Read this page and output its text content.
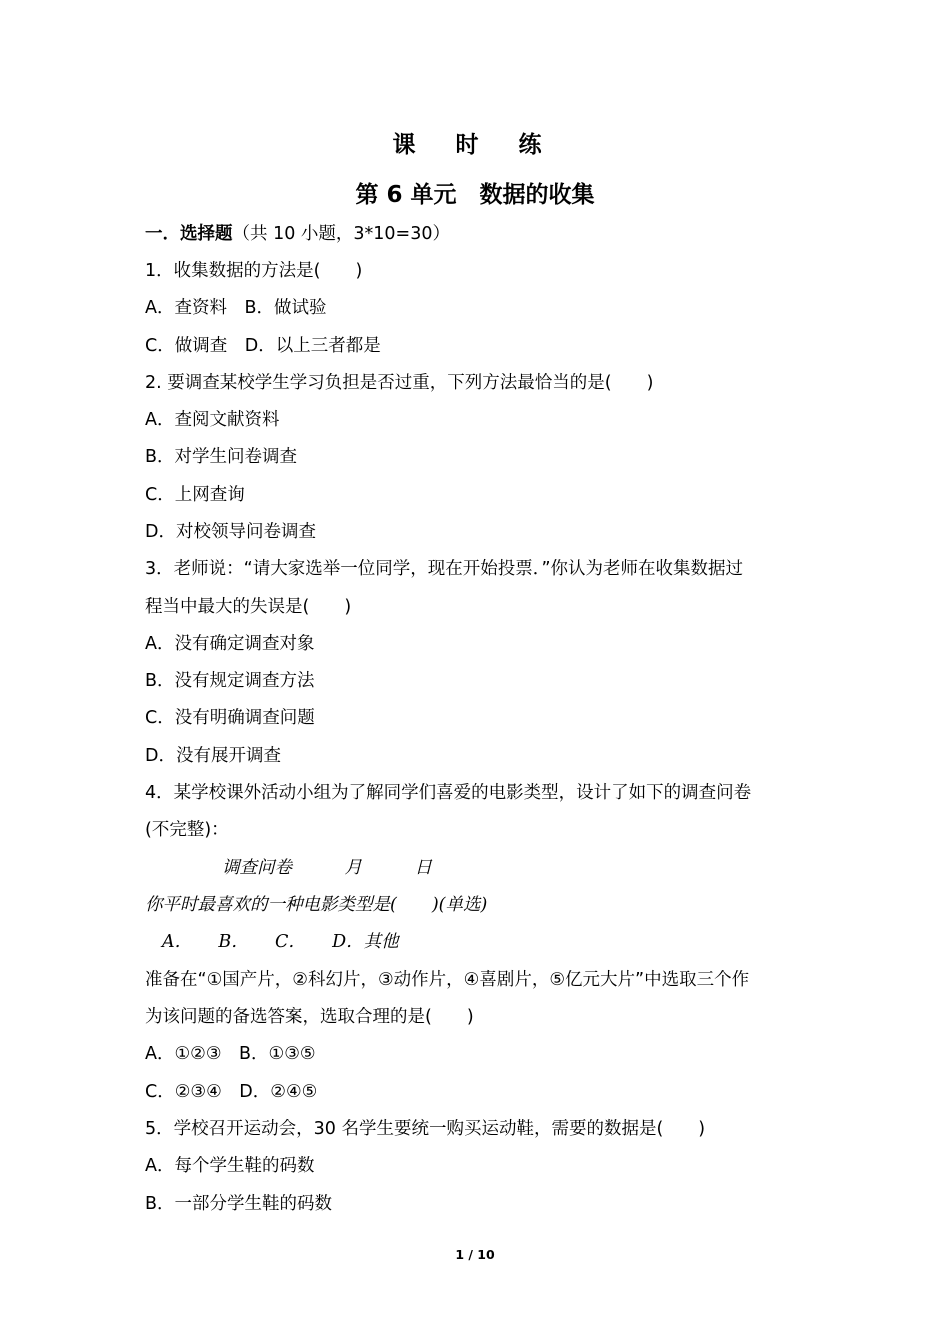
课 时 练
第 6 单元　数据的收集
一．选择题（共 10 小题，3*10=30）
1．收集数据的方法是(　　)
A．查资料　B．做试验
C．做调查　D．以上三者都是
2. 要调查某校学生学习负担是否过重，下列方法最恰当的是(　　)
A．查阅文献资料
B．对学生问卷调查
C．上网查询
D．对校领导问卷调查
3．老师说：“请大家选举一位同学，现在开始投票．”你认为老师在收集数据过
程当中最大的失误是(　　)
A．没有确定调查对象
B．没有规定调查方法
C．没有明确调查问题
D．没有展开调查
4．某学校课外活动小组为了解同学们喜爱的电影类型，设计了如下的调查问卷
(不完整)：
调查问卷　　　月　　　日
你平时最喜欢的一种电影类型是(　　)(单选)
A．　　B．　　C．　　D．其他
准备在“①国产片，②科幻片，③动作片，④喜剧片，⑤亿元大片”中选取三个作
为该问题的备选答案，选取合理的是(　　)
A．①②③　B．①③⑤
C．②③④　D．②④⑤
5．学校召开运动会，30 名学生要统一购买运动鞋，需要的数据是(　　)
A．每个学生鞋的码数
B．一部分学生鞋的码数
1 / 10
